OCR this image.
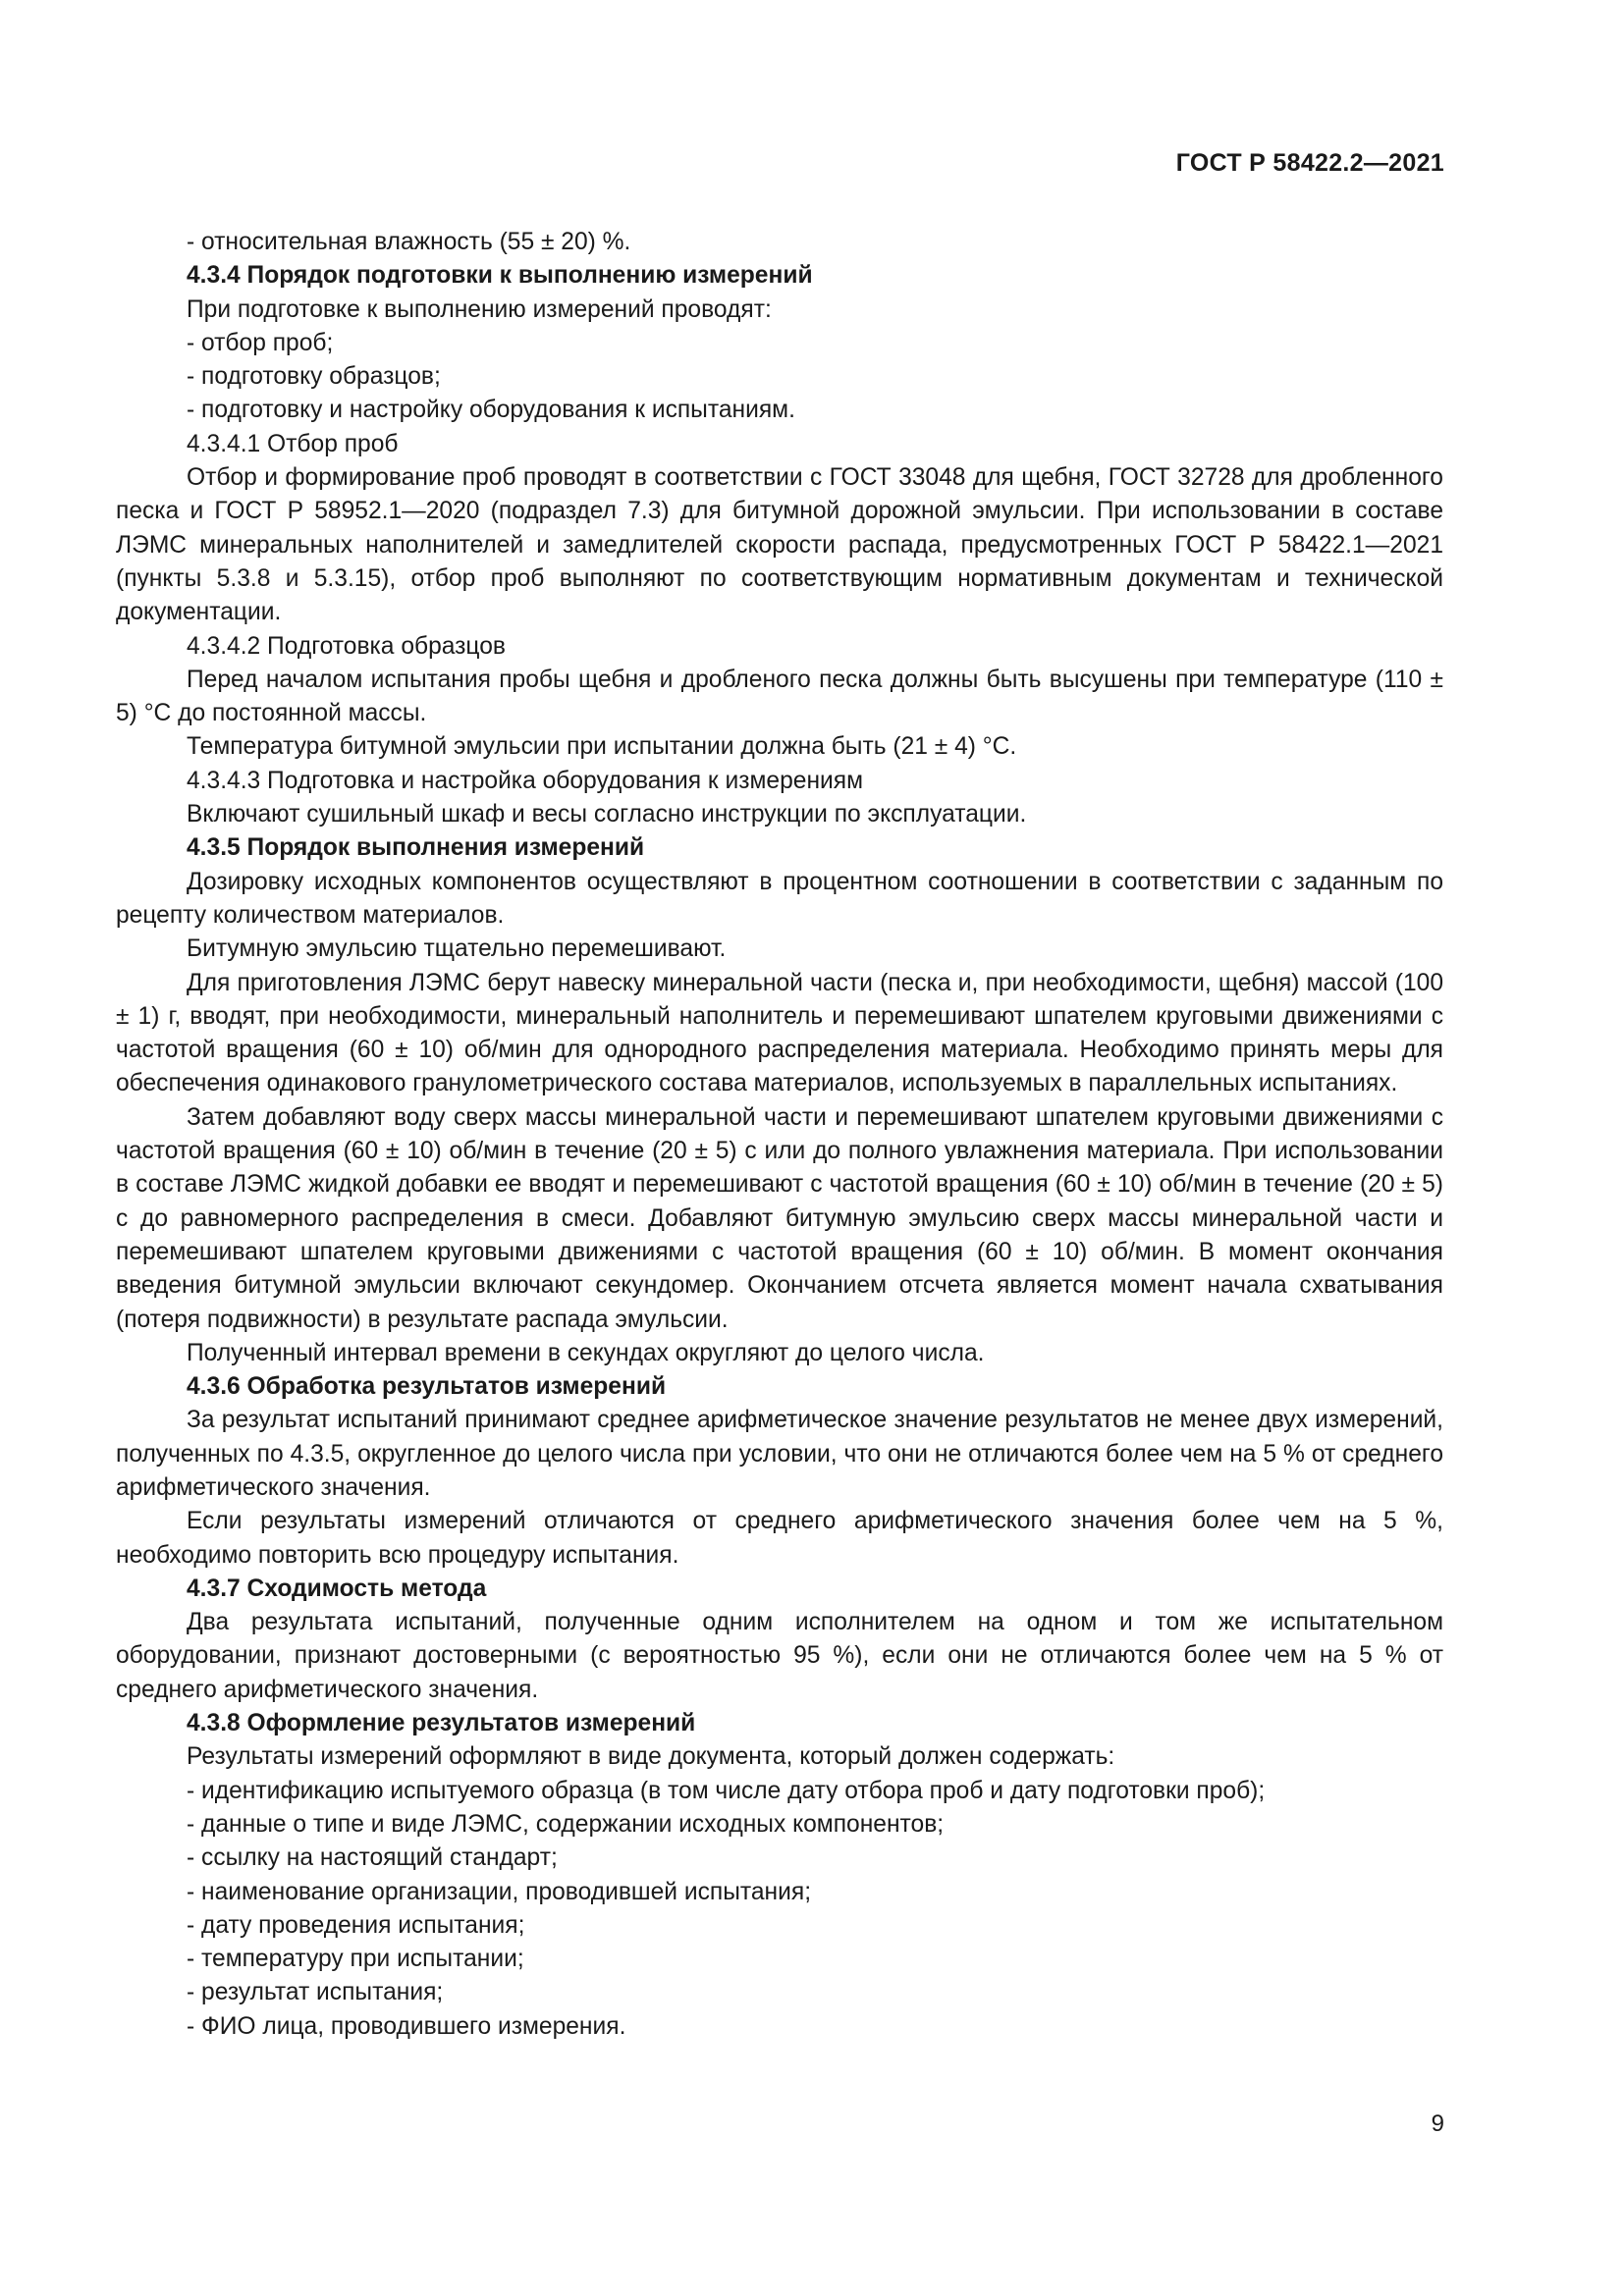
ГОСТ Р 58422.2—2021

- относительная влажность (55 ± 20) %.

4.3.4 Порядок подготовки к выполнению измерений

При подготовке к выполнению измерений проводят:

- отбор проб;

- подготовку образцов;

- подготовку и настройку оборудования к испытаниям.

4.3.4.1 Отбор проб

Отбор и формирование проб проводят в соответствии с ГОСТ 33048 для щебня, ГОСТ 32728 для дробленного песка и ГОСТ Р 58952.1—2020 (подраздел 7.3) для битумной дорожной эмульсии. При использовании в составе ЛЭМС минеральных наполнителей и замедлителей скорости распада, предусмотренных ГОСТ Р 58422.1—2021 (пункты 5.3.8 и 5.3.15), отбор проб выполняют по соответствующим нормативным документам и технической документации.

4.3.4.2 Подготовка образцов

Перед началом испытания пробы щебня и дробленого песка должны быть высушены при температуре (110 ± 5) °С до постоянной массы.

Температура битумной эмульсии при испытании должна быть (21 ± 4) °С.

4.3.4.3 Подготовка и настройка оборудования к измерениям

Включают сушильный шкаф и весы согласно инструкции по эксплуатации.

4.3.5 Порядок выполнения измерений

Дозировку исходных компонентов осуществляют в процентном соотношении в соответствии с заданным по рецепту количеством материалов.

Битумную эмульсию тщательно перемешивают.

Для приготовления ЛЭМС берут навеску минеральной части (песка и, при необходимости, щебня) массой (100 ± 1) г, вводят, при необходимости, минеральный наполнитель и перемешивают шпателем круговыми движениями с частотой вращения (60 ± 10) об/мин для однородного распределения материала. Необходимо принять меры для обеспечения одинакового гранулометрического состава материалов, используемых в параллельных испытаниях.

Затем добавляют воду сверх массы минеральной части и перемешивают шпателем круговыми движениями с частотой вращения (60 ± 10) об/мин в течение (20 ± 5) с или до полного увлажнения материала. При использовании в составе ЛЭМС жидкой добавки ее вводят и перемешивают с частотой вращения (60 ± 10) об/мин в течение (20 ± 5) с до равномерного распределения в смеси. Добавляют битумную эмульсию сверх массы минеральной части и перемешивают шпателем круговыми движениями с частотой вращения (60 ± 10) об/мин. В момент окончания введения битумной эмульсии включают секундомер. Окончанием отсчета является момент начала схватывания (потеря подвижности) в результате распада эмульсии.

Полученный интервал времени в секундах округляют до целого числа.

4.3.6 Обработка результатов измерений

За результат испытаний принимают среднее арифметическое значение результатов не менее двух измерений, полученных по 4.3.5, округленное до целого числа при условии, что они не отличаются более чем на 5 % от среднего арифметического значения.

Если результаты измерений отличаются от среднего арифметического значения более чем на 5 %, необходимо повторить всю процедуру испытания.

4.3.7 Сходимость метода

Два результата испытаний, полученные одним исполнителем на одном и том же испытательном оборудовании, признают достоверными (с вероятностью 95 %), если они не отличаются более чем на 5 % от среднего арифметического значения.

4.3.8 Оформление результатов измерений

Результаты измерений оформляют в виде документа, который должен содержать:

- идентификацию испытуемого образца (в том числе дату отбора проб и дату подготовки проб);

- данные о типе и виде ЛЭМС, содержании исходных компонентов;

- ссылку на настоящий стандарт;

- наименование организации, проводившей испытания;

- дату проведения испытания;

- температуру при испытании;

- результат испытания;

- ФИО лица, проводившего измерения.

9
